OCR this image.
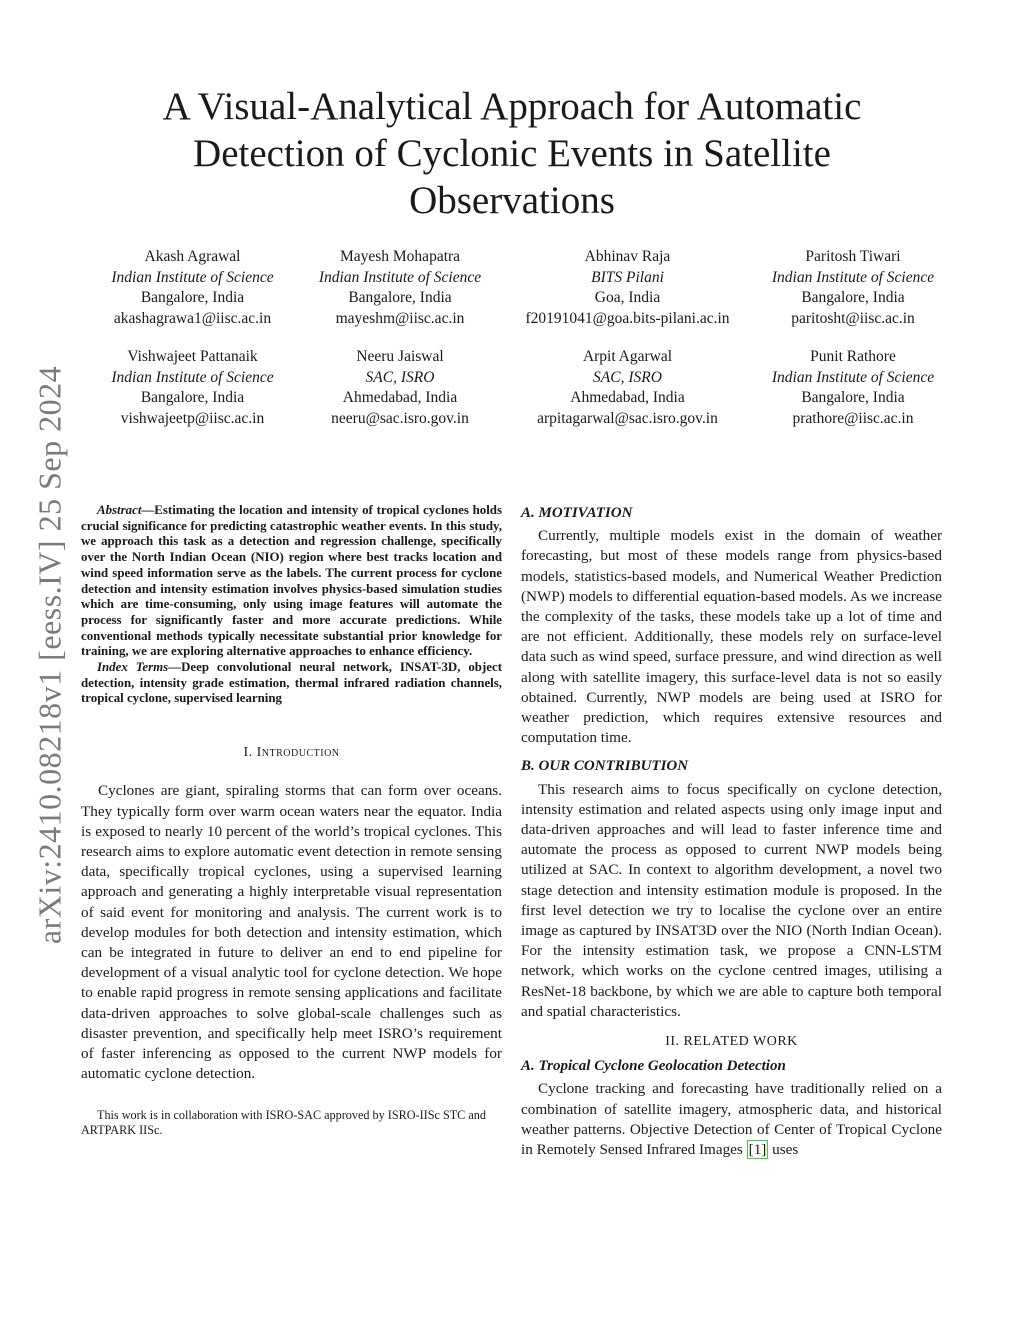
arXiv:2410.08218v1 [eess.IV] 25 Sep 2024
A Visual-Analytical Approach for Automatic Detection of Cyclonic Events in Satellite Observations
Akash Agrawal
Indian Institute of Science
Bangalore, India
akashagrawa1@iisc.ac.in
Mayesh Mohapatra
Indian Institute of Science
Bangalore, India
mayeshm@iisc.ac.in
Abhinav Raja
BITS Pilani
Goa, India
f20191041@goa.bits-pilani.ac.in
Paritosh Tiwari
Indian Institute of Science
Bangalore, India
paritosht@iisc.ac.in
Vishwajeet Pattanaik
Indian Institute of Science
Bangalore, India
vishwajeetp@iisc.ac.in
Neeru Jaiswal
SAC, ISRO
Ahmedabad, India
neeru@sac.isro.gov.in
Arpit Agarwal
SAC, ISRO
Ahmedabad, India
arpitagarwal@sac.isro.gov.in
Punit Rathore
Indian Institute of Science
Bangalore, India
prathore@iisc.ac.in

Abstract—Estimating the location and intensity of tropical cyclones holds crucial significance for predicting catastrophic weather events. In this study, we approach this task as a detection and regression challenge, specifically over the North Indian Ocean (NIO) region where best tracks location and wind speed information serve as the labels. The current process for cyclone detection and intensity estimation involves physics-based simulation studies which are time-consuming, only using image features will automate the process for significantly faster and more accurate predictions. While conventional methods typically necessitate substantial prior knowledge for training, we are exploring alternative approaches to enhance efficiency.

Index Terms—Deep convolutional neural network, INSAT-3D, object detection, intensity grade estimation, thermal infrared radiation channels, tropical cyclone, supervised learning

I. Introduction

Cyclones are giant, spiraling storms that can form over oceans. They typically form over warm ocean waters near the equator. India is exposed to nearly 10 percent of the world’s tropical cyclones. This research aims to explore automatic event detection in remote sensing data, specifically tropical cyclones, using a supervised learning approach and generating a highly interpretable visual representation of said event for monitoring and analysis. The current work is to develop modules for both detection and intensity estimation, which can be integrated in future to deliver an end to end pipeline for development of a visual analytic tool for cyclone detection. We hope to enable rapid progress in remote sensing applications and facilitate data-driven approaches to solve global-scale challenges such as disaster prevention, and specifically help meet ISRO’s requirement of faster inferencing as opposed to the current NWP models for automatic cyclone detection.

This work is in collaboration with ISRO-SAC approved by ISRO-IISc STC and ARTPARK IISc.

A. MOTIVATION

Currently, multiple models exist in the domain of weather forecasting, but most of these models range from physics-based models, statistics-based models, and Numerical Weather Prediction (NWP) models to differential equation-based models. As we increase the complexity of the tasks, these models take up a lot of time and are not efficient. Additionally, these models rely on surface-level data such as wind speed, surface pressure, and wind direction as well along with satellite imagery, this surface-level data is not so easily obtained. Currently, NWP models are being used at ISRO for weather prediction, which requires extensive resources and computation time.

B. OUR CONTRIBUTION

This research aims to focus specifically on cyclone detection, intensity estimation and related aspects using only image input and data-driven approaches and will lead to faster inference time and automate the process as opposed to current NWP models being utilized at SAC. In context to algorithm development, a novel two stage detection and intensity estimation module is proposed. In the first level detection we try to localise the cyclone over an entire image as captured by INSAT3D over the NIO (North Indian Ocean). For the intensity estimation task, we propose a CNN-LSTM network, which works on the cyclone centred images, utilising a ResNet-18 backbone, by which we are able to capture both temporal and spatial characteristics.

II. RELATED WORK
A. Tropical Cyclone Geolocation Detection

Cyclone tracking and forecasting have traditionally relied on a combination of satellite imagery, atmospheric data, and historical weather patterns. Objective Detection of Center of Tropical Cyclone in Remotely Sensed Infrared Images [1] uses
